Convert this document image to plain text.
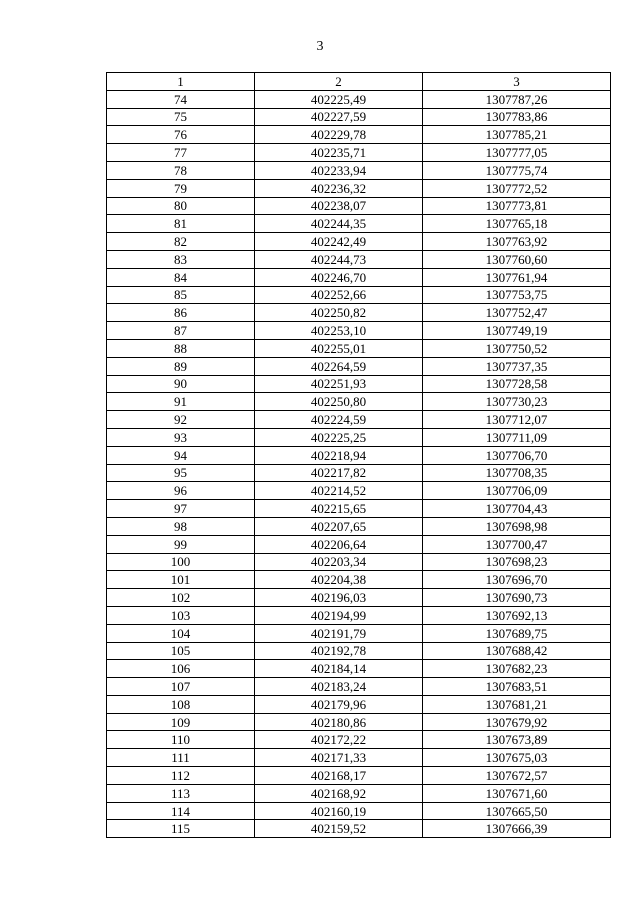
3
1	2	3
74	402225,49	1307787,26
75	402227,59	1307783,86
76	402229,78	1307785,21
77	402235,71	1307777,05
78	402233,94	1307775,74
79	402236,32	1307772,52
80	402238,07	1307773,81
81	402244,35	1307765,18
82	402242,49	1307763,92
83	402244,73	1307760,60
84	402246,70	1307761,94
85	402252,66	1307753,75
86	402250,82	1307752,47
87	402253,10	1307749,19
88	402255,01	1307750,52
89	402264,59	1307737,35
90	402251,93	1307728,58
91	402250,80	1307730,23
92	402224,59	1307712,07
93	402225,25	1307711,09
94	402218,94	1307706,70
95	402217,82	1307708,35
96	402214,52	1307706,09
97	402215,65	1307704,43
98	402207,65	1307698,98
99	402206,64	1307700,47
100	402203,34	1307698,23
101	402204,38	1307696,70
102	402196,03	1307690,73
103	402194,99	1307692,13
104	402191,79	1307689,75
105	402192,78	1307688,42
106	402184,14	1307682,23
107	402183,24	1307683,51
108	402179,96	1307681,21
109	402180,86	1307679,92
110	402172,22	1307673,89
111	402171,33	1307675,03
112	402168,17	1307672,57
113	402168,92	1307671,60
114	402160,19	1307665,50
115	402159,52	1307666,39
